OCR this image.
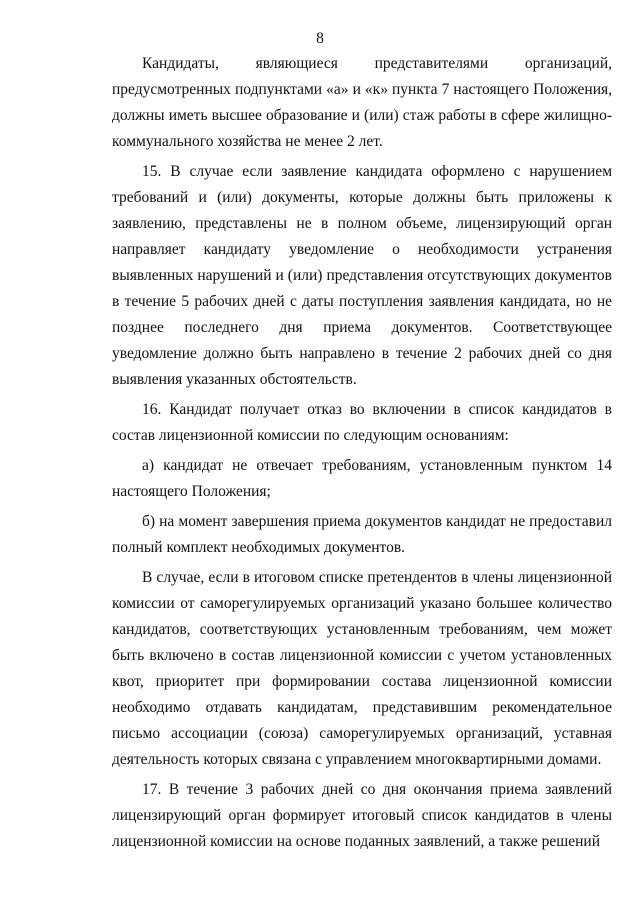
8

Кандидаты, являющиеся представителями организаций, предусмотренных подпунктами «а» и «к» пункта 7 настоящего Положения, должны иметь высшее образование и (или) стаж работы в сфере жилищно-коммунального хозяйства не менее 2 лет.

15. В случае если заявление кандидата оформлено с нарушением требований и (или) документы, которые должны быть приложены к заявлению, представлены не в полном объеме, лицензирующий орган направляет кандидату уведомление о необходимости устранения выявленных нарушений и (или) представления отсутствующих документов в течение 5 рабочих дней с даты поступления заявления кандидата, но не позднее последнего дня приема документов. Соответствующее уведомление должно быть направлено в течение 2 рабочих дней со дня выявления указанных обстоятельств.

16. Кандидат получает отказ во включении в список кандидатов в состав лицензионной комиссии по следующим основаниям:

а) кандидат не отвечает требованиям, установленным пунктом 14 настоящего Положения;

б) на момент завершения приема документов кандидат не предоставил полный комплект необходимых документов.

В случае, если в итоговом списке претендентов в члены лицензионной комиссии от саморегулируемых организаций указано большее количество кандидатов, соответствующих установленным требованиям, чем может быть включено в состав лицензионной комиссии с учетом установленных квот, приоритет при формировании состава лицензионной комиссии необходимо отдавать кандидатам, представившим рекомендательное письмо ассоциации (союза) саморегулируемых организаций, уставная деятельность которых связана с управлением многоквартирными домами.

17. В течение 3 рабочих дней со дня окончания приема заявлений лицензирующий орган формирует итоговый список кандидатов в члены лицензионной комиссии на основе поданных заявлений, а также решений
